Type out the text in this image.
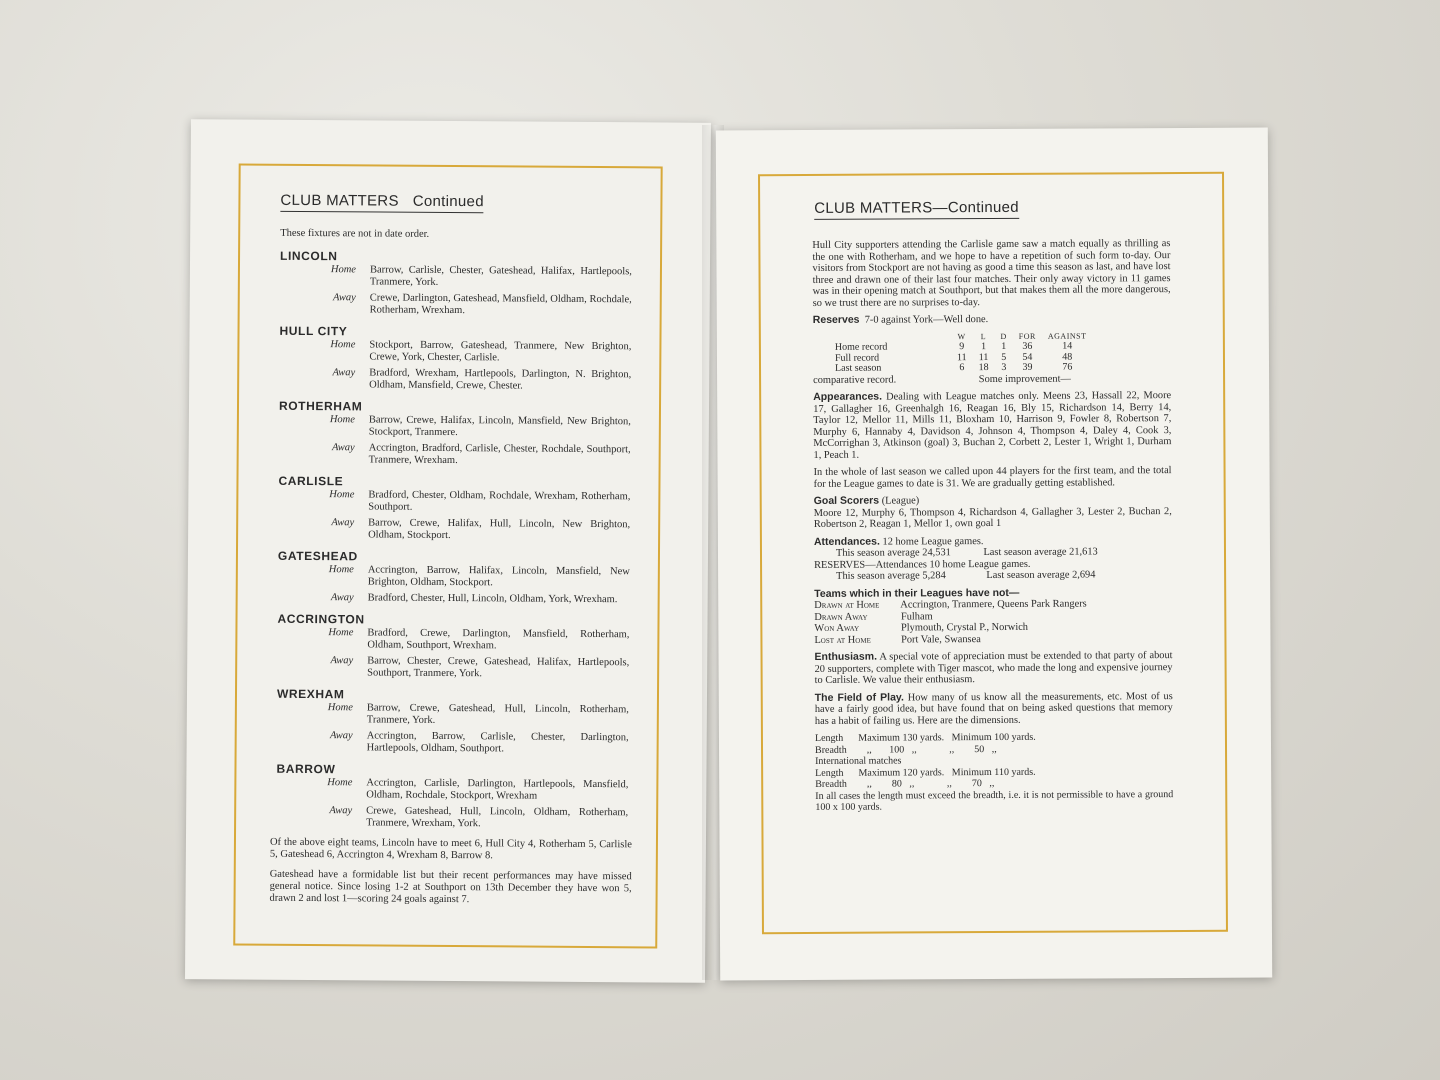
CLUB MATTERS Continued
These fixtures are not in date order.
LINCOLN
Home	Barrow, Carlisle, Chester, Gateshead, Halifax, Hartlepools, Tranmere, York.
Away	Crewe, Darlington, Gateshead, Mansfield, Oldham, Rochdale, Rotherham, Wrexham.
HULL CITY
Home	Stockport, Barrow, Gateshead, Tranmere, New Brighton, Crewe, York, Chester, Carlisle.
Away	Bradford, Wrexham, Hartlepools, Darlington, N. Brighton, Oldham, Mansfield, Crewe, Chester.
ROTHERHAM
Home	Barrow, Crewe, Halifax, Lincoln, Mansfield, New Brighton, Stockport, Tranmere.
Away	Accrington, Bradford, Carlisle, Chester, Rochdale, Southport, Tranmere, Wrexham.
CARLISLE
Home	Bradford, Chester, Oldham, Rochdale, Wrexham, Rotherham, Southport.
Away	Barrow, Crewe, Halifax, Hull, Lincoln, New Brighton, Oldham, Stockport.
GATESHEAD
Home	Accrington, Barrow, Halifax, Lincoln, Mansfield, New Brighton, Oldham, Stockport.
Away	Bradford, Chester, Hull, Lincoln, Oldham, York, Wrexham.
ACCRINGTON
Home	Bradford, Crewe, Darlington, Mansfield, Rotherham, Oldham, Southport, Wrexham.
Away	Barrow, Chester, Crewe, Gateshead, Halifax, Hartlepools, Southport, Tranmere, York.
WREXHAM
Home	Barrow, Crewe, Gateshead, Hull, Lincoln, Rotherham, Tranmere, York.
Away	Accrington, Barrow, Carlisle, Chester, Darlington, Hartlepools, Oldham, Southport.
BARROW
Home	Accrington, Carlisle, Darlington, Hartlepools, Mansfield, Oldham, Rochdale, Stockport, Wrexham
Away	Crewe, Gateshead, Hull, Lincoln, Oldham, Rotherham, Tranmere, Wrexham, York.
Of the above eight teams, Lincoln have to meet 6, Hull City 4, Rotherham 5, Carlisle 5, Gateshead 6, Accrington 4, Wrexham 8, Barrow 8.
Gateshead have a formidable list but their recent performances may have missed general notice. Since losing 1-2 at Southport on 13th December they have won 5, drawn 2 and lost 1—scoring 24 goals against 7.
CLUB MATTERS—Continued
Hull City supporters attending the Carlisle game saw a match equally as thrilling as the one with Rotherham, and we hope to have a repetition of such form to-day. Our visitors from Stockport are not having as good a time this season as last, and have lost three and drawn one of their last four matches. Their only away victory in 11 games was in their opening match at Southport, but that makes them all the more dangerous, so we trust there are no surprises to-day.
Reserves 7-0 against York—Well done.
	W	L	D	FOR	AGAINST
Home record	9	1	1	36	14
Full record	11	11	5	54	48
Last season	6	18	3	39	76
comparative record.	Some improvement—
Appearances. Dealing with League matches only. Meens 23, Hassall 22, Moore 17, Gallagher 16, Greenhalgh 16, Reagan 16, Bly 15, Richardson 14, Berry 14, Taylor 12, Mellor 11, Mills 11, Bloxham 10, Harrison 9, Fowler 8, Robertson 7, Murphy 6, Hannaby 4, Davidson 4, Johnson 4, Thompson 4, Daley 4, Cook 3, McCorrighan 3, Atkinson (goal) 3, Buchan 2, Corbett 2, Lester 1, Wright 1, Durham 1, Peach 1.
In the whole of last season we called upon 44 players for the first team, and the total for the League games to date is 31. We are gradually getting established.
Goal Scorers (League)
Moore 12, Murphy 6, Thompson 4, Richardson 4, Gallagher 3, Lester 2, Buchan 2, Robertson 2, Reagan 1, Mellor 1, own goal 1
Attendances. 12 home League games.
This season average 24,531	Last season average 21,613
RESERVES—Attendances 10 home League games.
This season average 5,284	Last season average 2,694
Teams which in their Leagues have not—
Drawn at Home Accrington, Tranmere, Queens Park Rangers
Drawn Away	Fulham
Won Away	Plymouth, Crystal P., Norwich
Lost at Home	Port Vale, Swansea
Enthusiasm. A special vote of appreciation must be extended to that party of about 20 supporters, complete with Tiger mascot, who made the long and expensive journey to Carlisle. We value their enthusiasm.
The Field of Play. How many of us know all the measurements, etc. Most of us have a fairly good idea, but have found that on being asked questions that memory has a habit of failing us. Here are the dimensions.
Length      Maximum 130 yards.   Minimum 100 yards.
Breadth        ,,       100   ,,             ,,        50   ,,
International matches
Length      Maximum 120 yards.   Minimum 110 yards.
Breadth        ,,        80   ,,             ,,        70   ,,
In all cases the length must exceed the breadth, i.e. it is not permissible to have a ground 100 x 100 yards.
